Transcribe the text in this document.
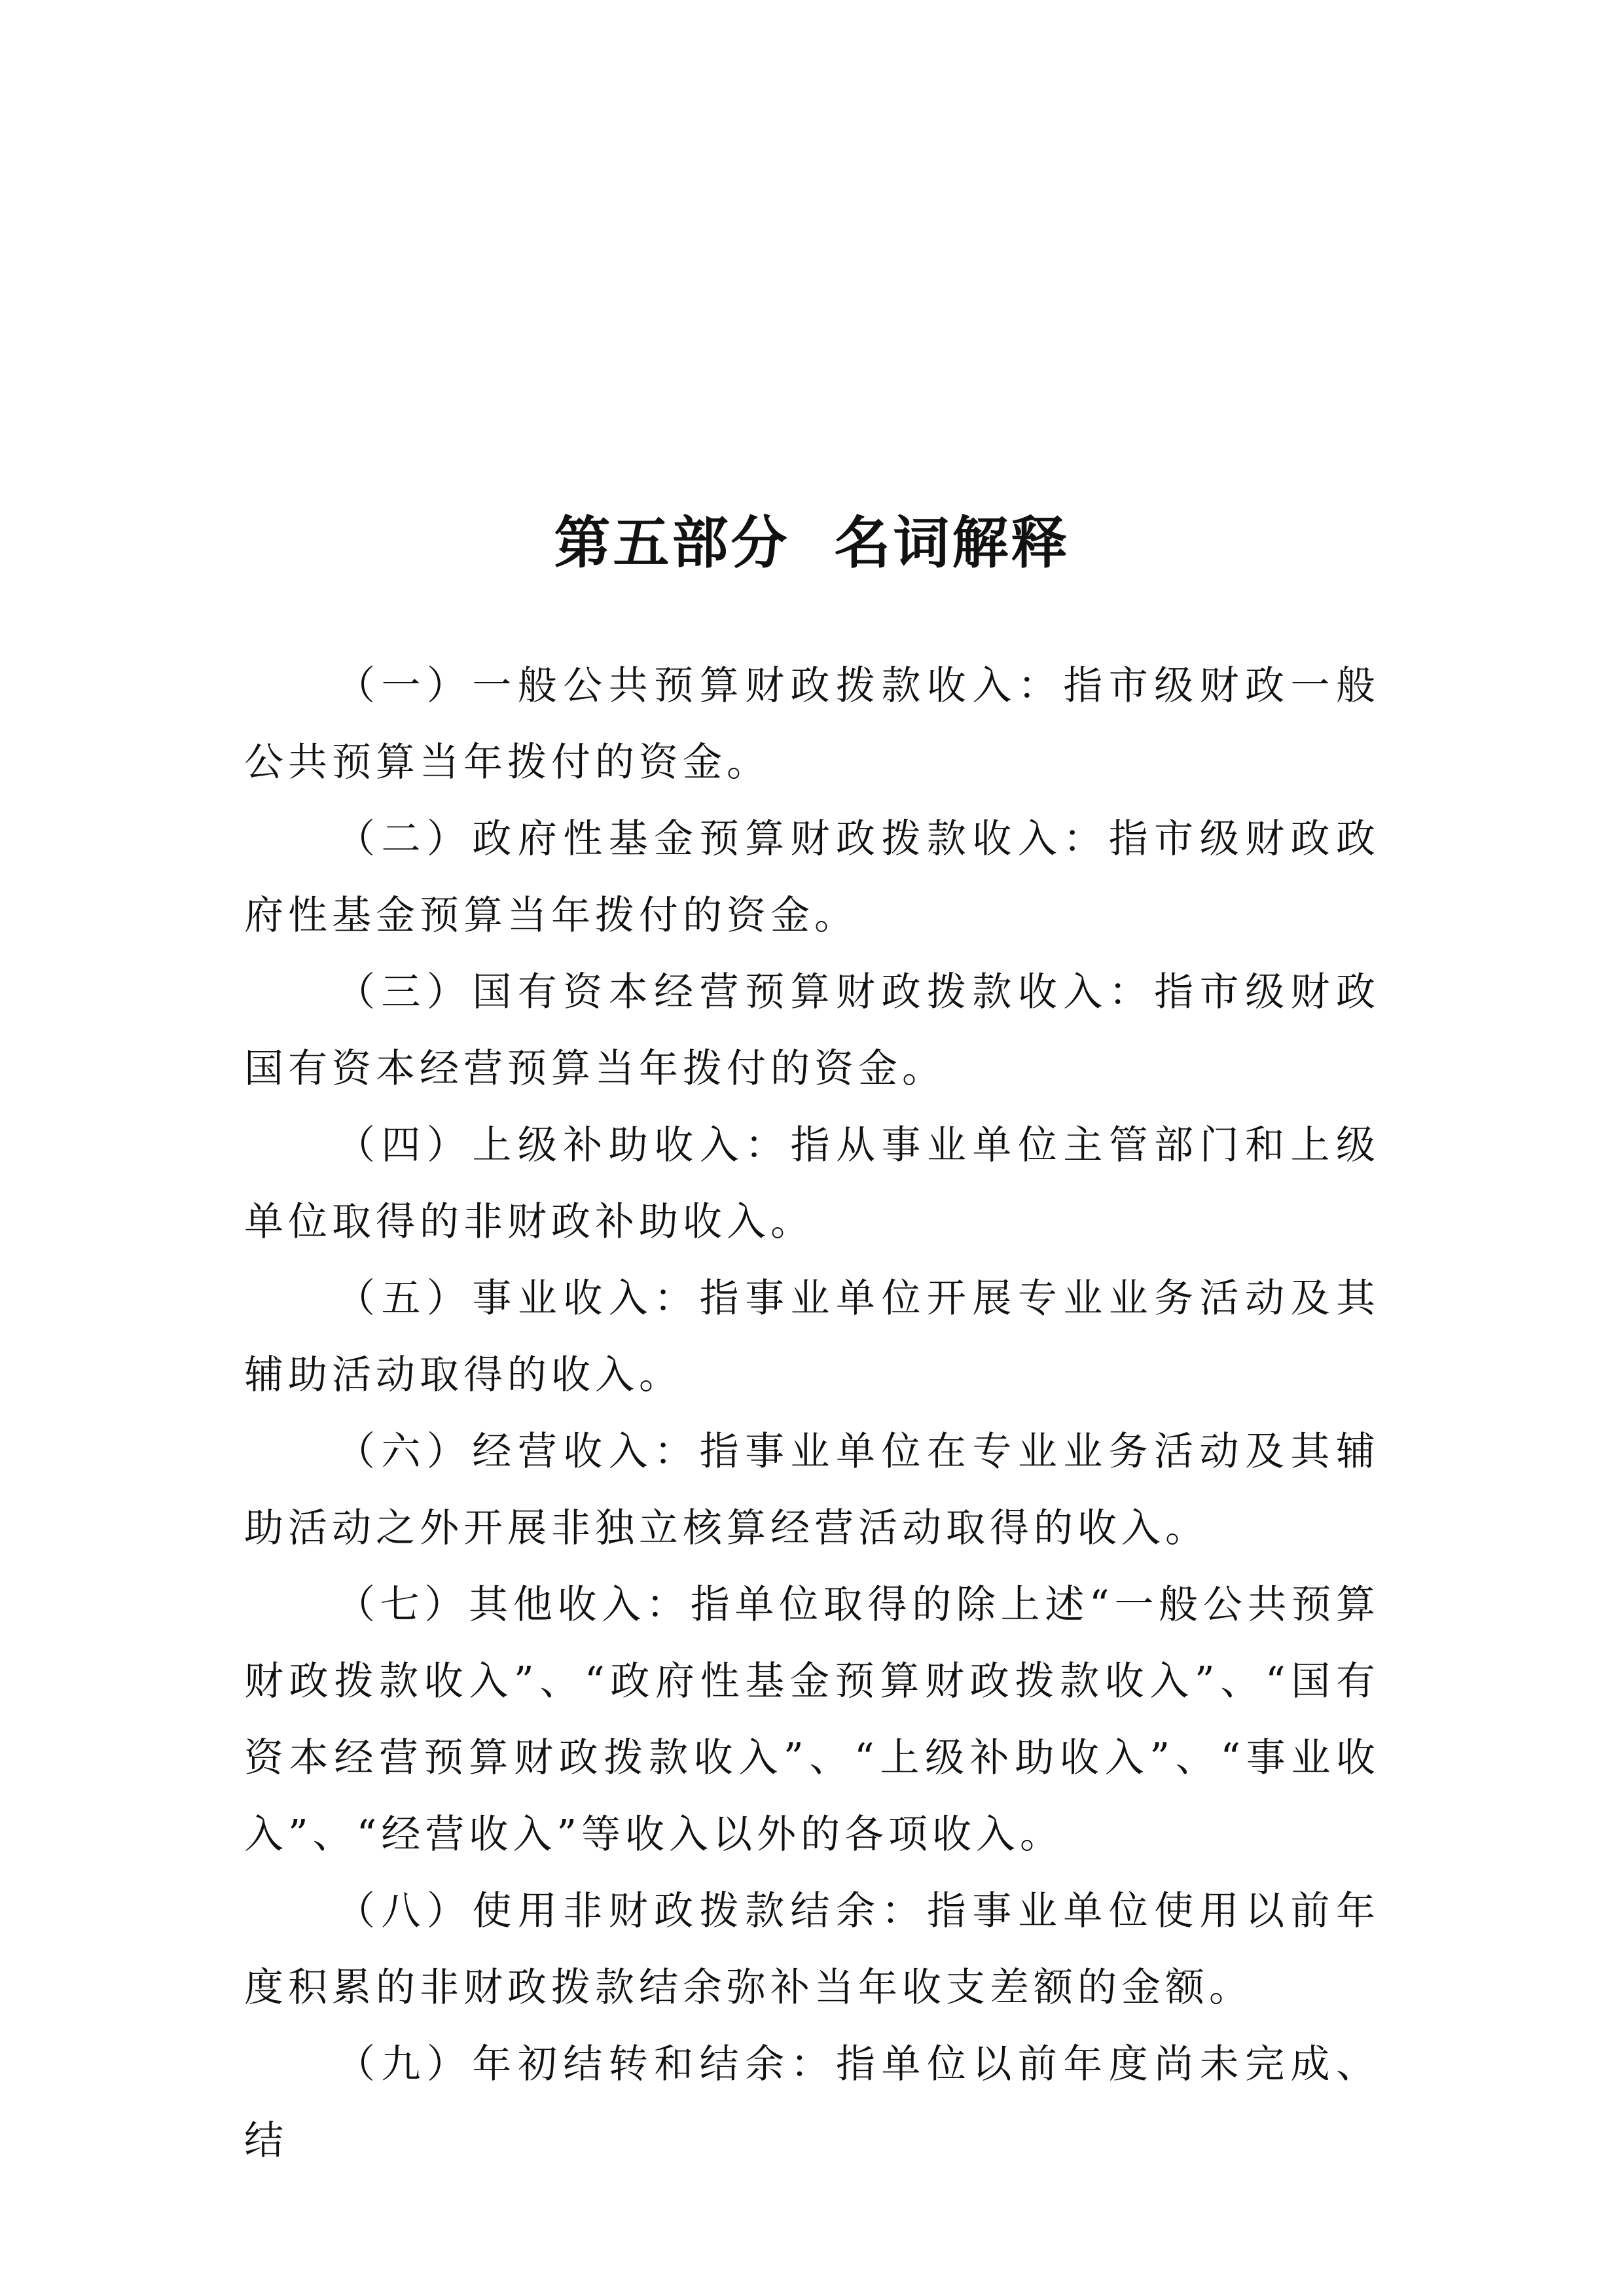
第五部分  名词解释

（一）一般公共预算财政拨款收入：指市级财政一般公共预算当年拨付的资金。

（二）政府性基金预算财政拨款收入：指市级财政政府性基金预算当年拨付的资金。

（三）国有资本经营预算财政拨款收入：指市级财政国有资本经营预算当年拨付的资金。

（四）上级补助收入：指从事业单位主管部门和上级单位取得的非财政补助收入。

（五）事业收入：指事业单位开展专业业务活动及其辅助活动取得的收入。

（六）经营收入：指事业单位在专业业务活动及其辅助活动之外开展非独立核算经营活动取得的收入。

（七）其他收入：指单位取得的除上述“一般公共预算财政拨款收入”、“政府性基金预算财政拨款收入”、“国有资本经营预算财政拨款收入”、“上级补助收入”、“事业收入”、“经营收入”等收入以外的各项收入。

（八）使用非财政拨款结余：指事业单位使用以前年度积累的非财政拨款结余弥补当年收支差额的金额。

（九）年初结转和结余：指单位以前年度尚未完成、结
